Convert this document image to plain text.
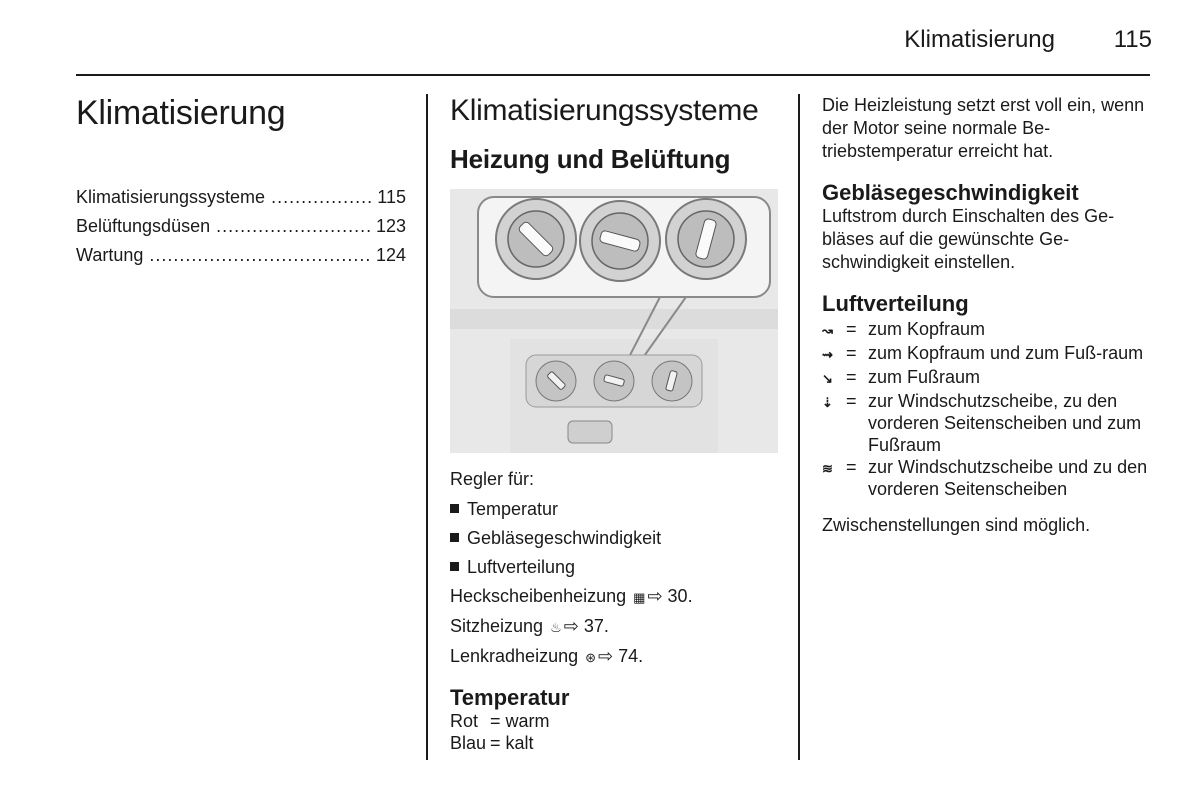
Klimatisierung 115
Klimatisierung
Klimatisierungssysteme .....	115
Belüftungsdüsen .....	123
Wartung .....	124
Klimatisierungssysteme
Heizung und Belüftung

Regler für:

Temperatur
Gebläsegeschwindigkeit
Luftverteilung
Heckscheibenheizung ▦ ⇨ 30.
Sitzheizung ♨ ⇨ 37.
Lenkradheizung ⊛ ⇨ 74.
Temperatur
Rot = warm
Blau = kalt

Die Heizleistung setzt erst voll ein, wenn der Motor seine normale Be-triebstemperatur erreicht hat.

Gebläsegeschwindigkeit

Luftstrom durch Einschalten des Ge-bläses auf die gewünschte Ge-schwindigkeit einstellen.

Luftverteilung
↝ = zum Kopfraum
⇝ = zum Kopfraum und zum Fuß-raum
↘ = zum Fußraum
⇣ = zur Windschutzscheibe, zu den vorderen Seitenscheiben und zum Fußraum
≋ = zur Windschutzscheibe und zu den vorderen Seitenscheiben

Zwischenstellungen sind möglich.
